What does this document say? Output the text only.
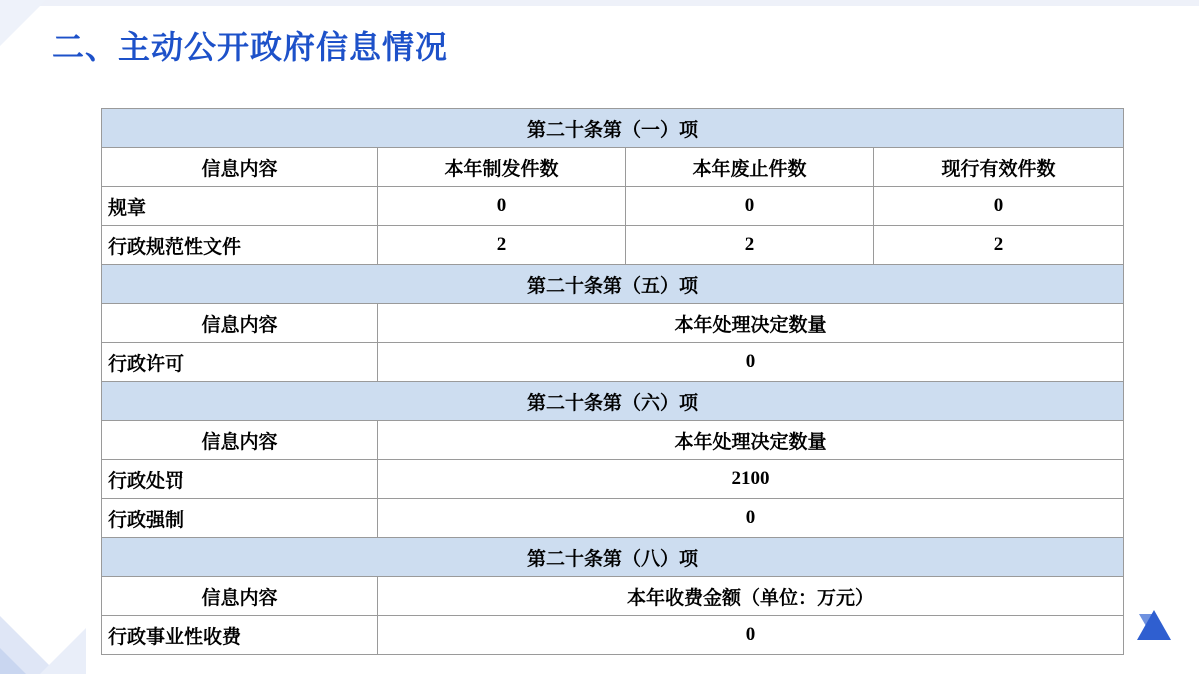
二、主动公开政府信息情况
第二十条第（一）项			
信息内容	本年制发件数	本年废止件数	现行有效件数
规章	0	0	0
行政规范性文件	2	2	2
第二十条第（五）项			
信息内容	本年处理决定数量		
行政许可	0		
第二十条第（六）项			
信息内容	本年处理决定数量		
行政处罚	2100		
行政强制	0		
第二十条第（八）项			
信息内容	本年收费金额（单位：万元）		
行政事业性收费	0		
